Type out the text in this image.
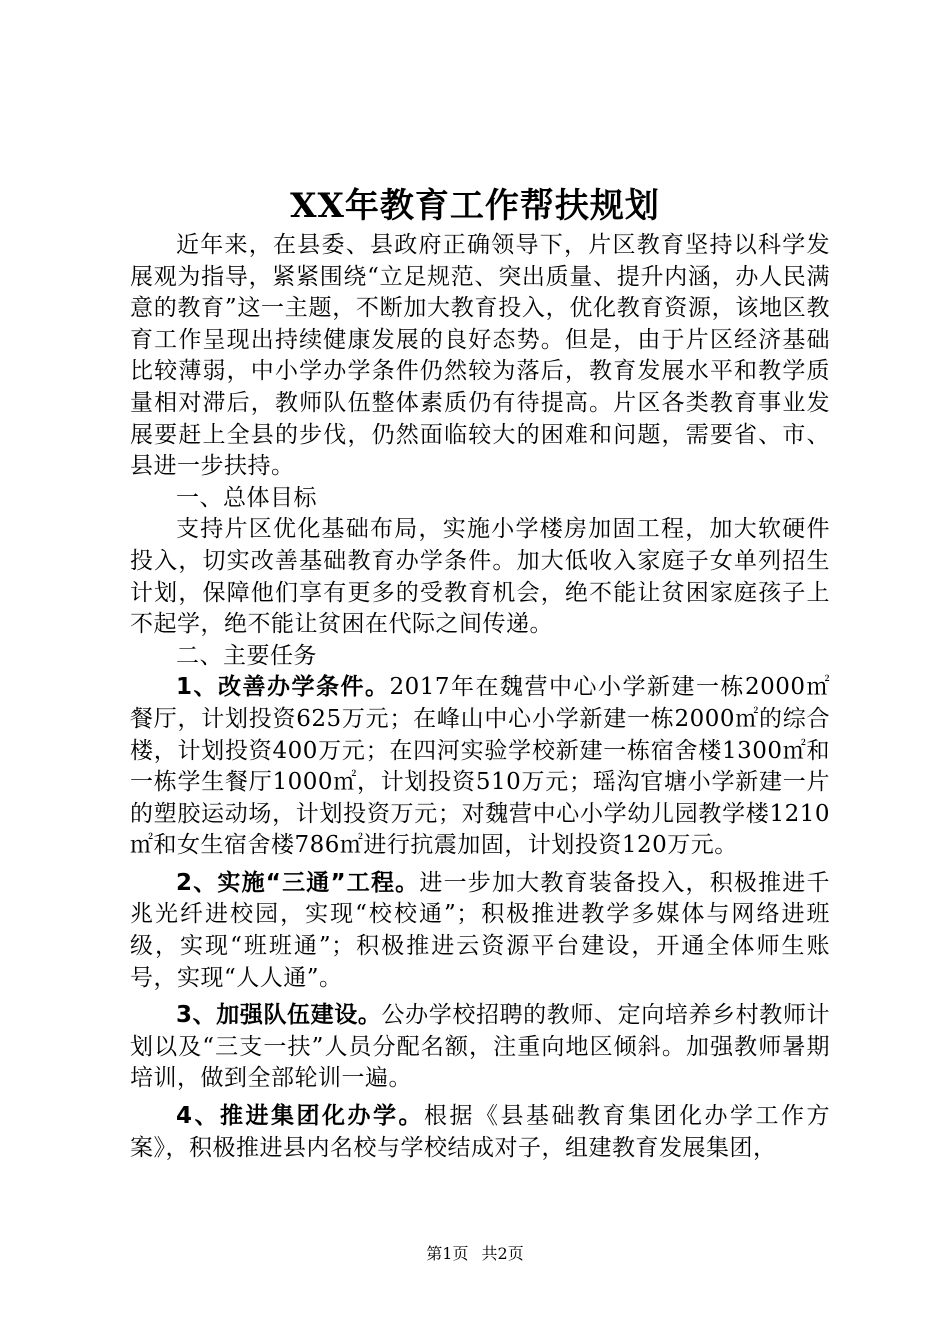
XX年教育工作帮扶规划

近年来，在县委、县政府正确领导下，片区教育坚持以科学发展观为指导，紧紧围绕“立足规范、突出质量、提升内涵，办人民满意的教育”这一主题，不断加大教育投入，优化教育资源，该地区教育工作呈现出持续健康发展的良好态势。但是，由于片区经济基础比较薄弱，中小学办学条件仍然较为落后，教育发展水平和教学质量相对滞后，教师队伍整体素质仍有待提高。片区各类教育事业发展要赶上全县的步伐，仍然面临较大的困难和问题，需要省、市、县进一步扶持。

一、总体目标

支持片区优化基础布局，实施小学楼房加固工程，加大软硬件投入，切实改善基础教育办学条件。加大低收入家庭子女单列招生计划，保障他们享有更多的受教育机会，绝不能让贫困家庭孩子上不起学，绝不能让贫困在代际之间传递。

二、主要任务

1、改善办学条件。2017年在魏营中心小学新建一栋2000㎡餐厅，计划投资625万元；在峰山中心小学新建一栋2000㎡的综合楼，计划投资400万元；在四河实验学校新建一栋宿舍楼1300㎡和一栋学生餐厅1000㎡，计划投资510万元；瑶沟官塘小学新建一片的塑胶运动场，计划投资万元；对魏营中心小学幼儿园教学楼1210㎡和女生宿舍楼786㎡进行抗震加固，计划投资120万元。

2、实施“三通”工程。进一步加大教育装备投入，积极推进千兆光纤进校园，实现“校校通”；积极推进教学多媒体与网络进班级，实现“班班通”；积极推进云资源平台建设，开通全体师生账号，实现“人人通”。

3、加强队伍建设。公办学校招聘的教师、定向培养乡村教师计划以及“三支一扶”人员分配名额，注重向地区倾斜。加强教师暑期培训，做到全部轮训一遍。

4、推进集团化办学。根据《县基础教育集团化办学工作方案》，积极推进县内名校与学校结成对子，组建教育发展集团，

第1页 共2页
